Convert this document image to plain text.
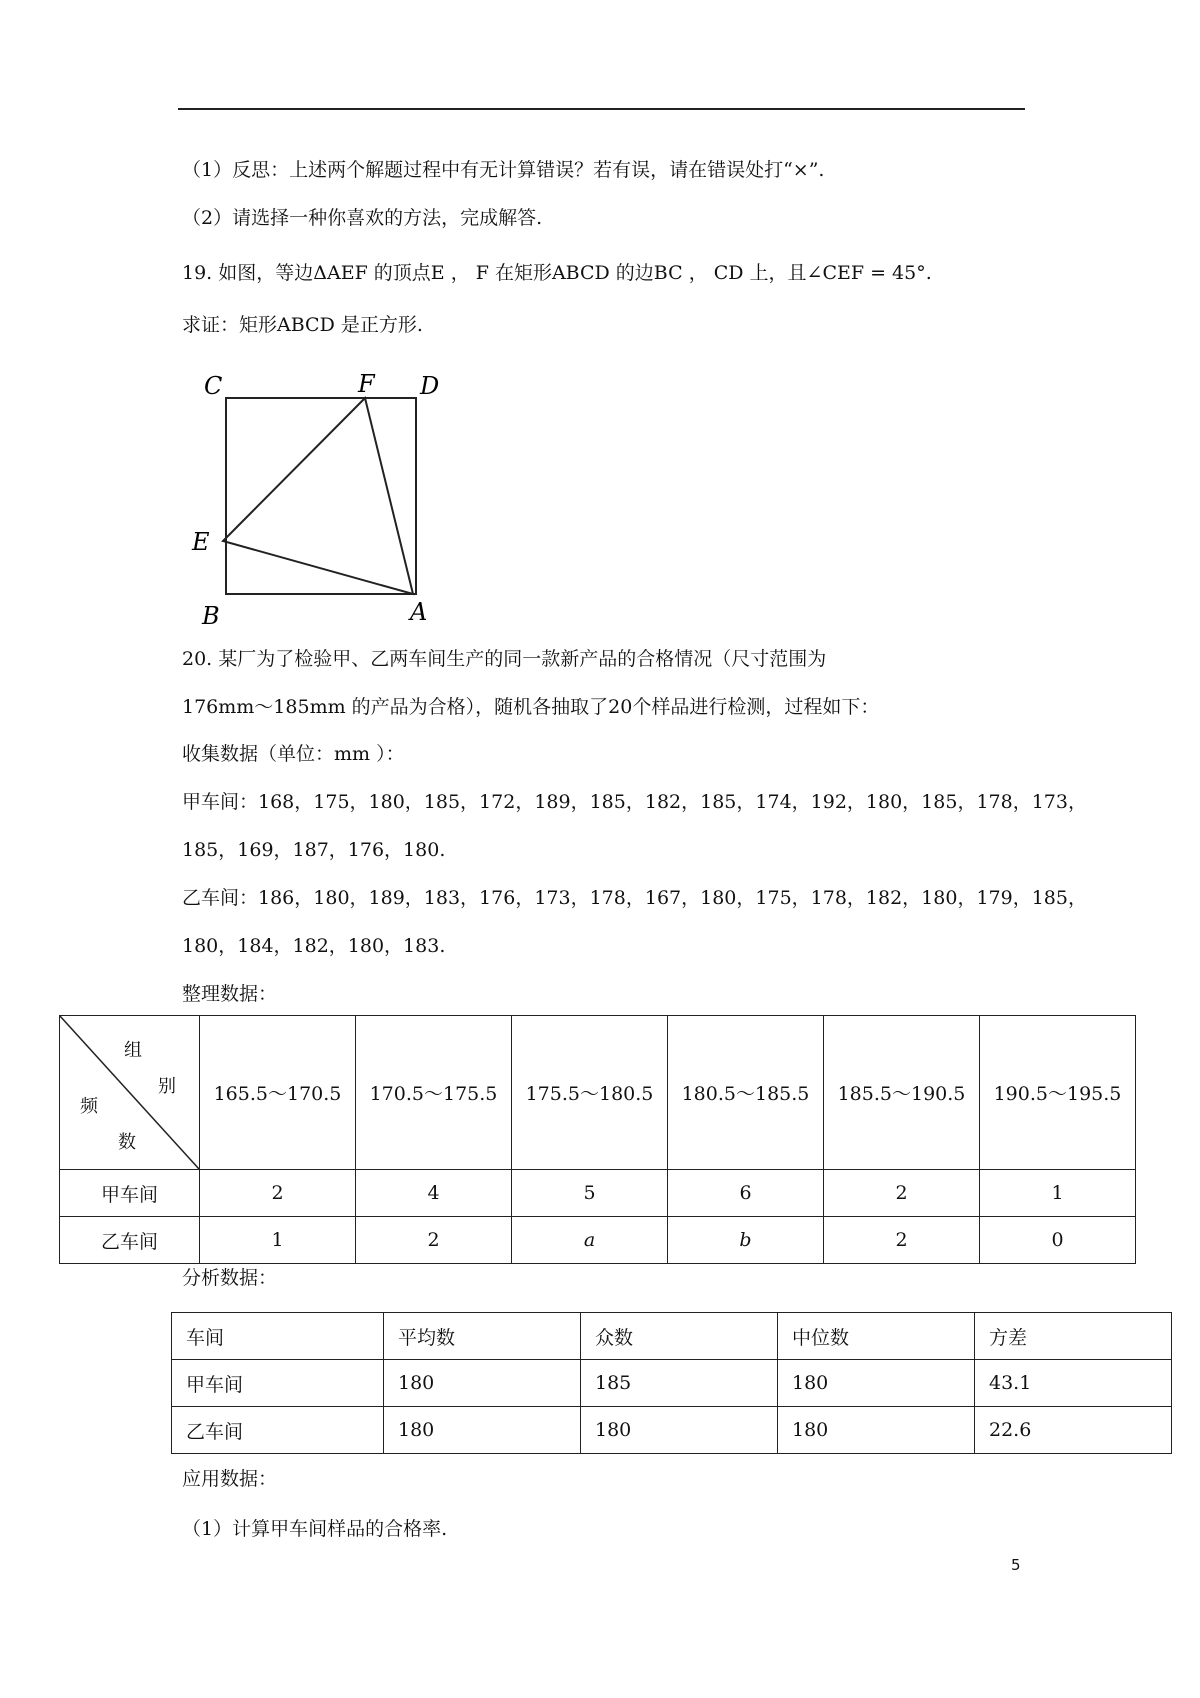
（1）反思：上述两个解题过程中有无计算错误？若有误，请在错误处打“×”.
（2）请选择一种你喜欢的方法，完成解答.
19. 如图，等边ΔAEF 的顶点E ， F 在矩形ABCD 的边BC ， CD 上，且∠CEF = 45°.
求证：矩形ABCD 是正方形.
C	F D
E
B	A
20. 某厂为了检验甲、乙两车间生产的同一款新产品的合格情况（尺寸范围为
176mm～185mm 的产品为合格），随机各抽取了20个样品进行检测，过程如下：
收集数据（单位：mm ）：
甲车间：168，175，180，185，172，189，185，182，185，174，192，180，185，178，173，
185，169，187，176，180.
乙车间：186，180，189，183，176，173，178，167，180，175，178，182，180，179，185，
180，184，182，180，183.
整理数据：
组
别
频
数	165.5～170.5	170.5～175.5	175.5～180.5	180.5～185.5	185.5～190.5	190.5～195.5
甲车间	2	4	5	6	2	1
乙车间	1	2	a	b	2	0
分析数据：
车间	平均数	众数	中位数	方差
甲车间	180	185	180	43.1
乙车间	180	180	180	22.6
应用数据：
（1）计算甲车间样品的合格率.
5
